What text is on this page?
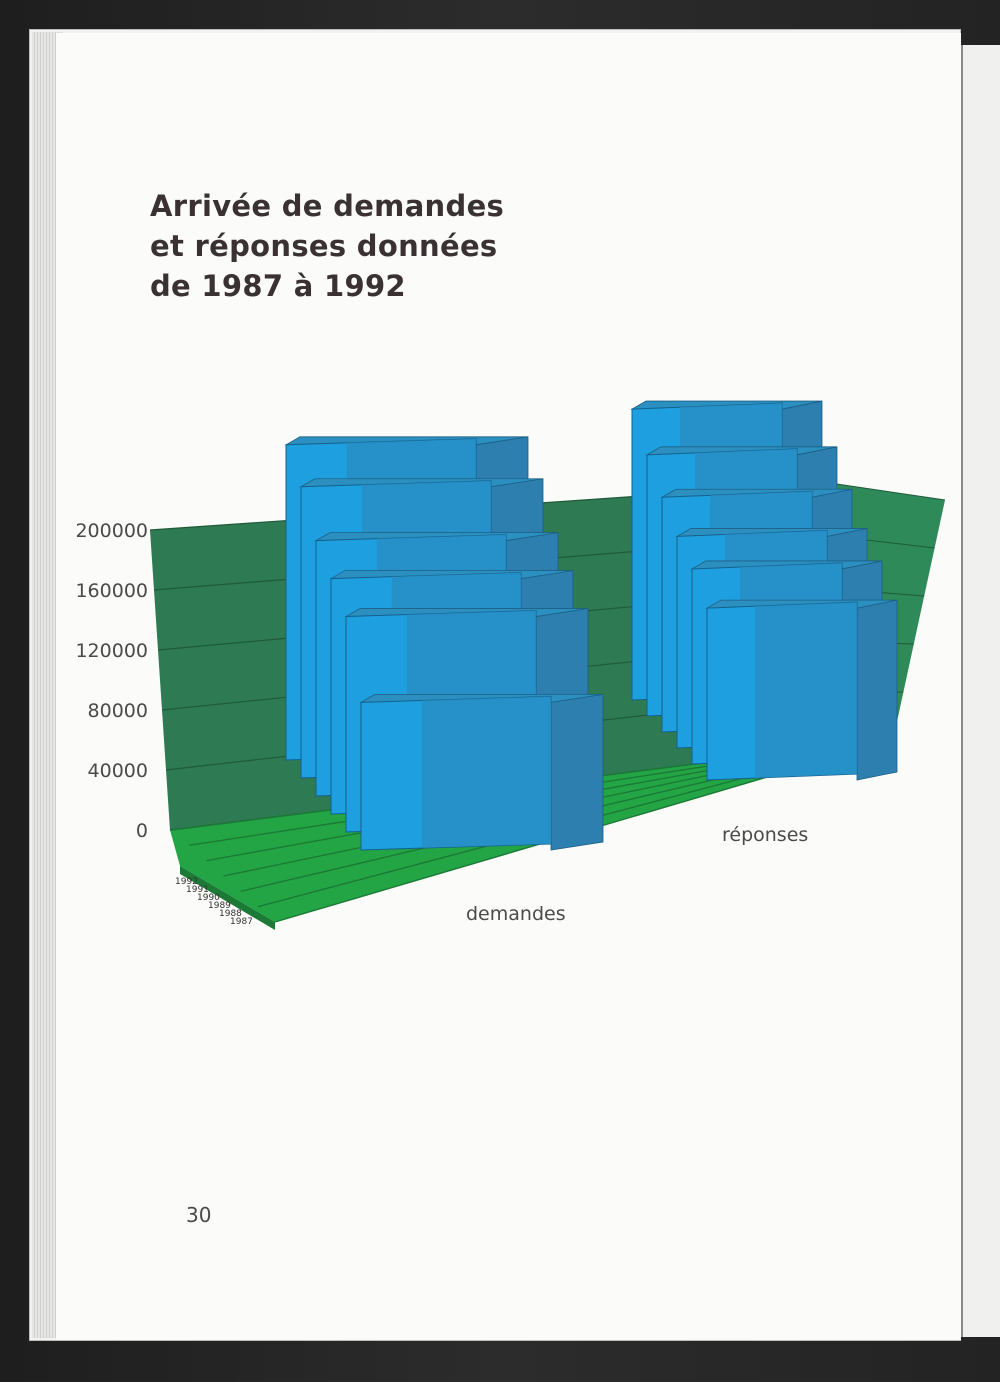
Arrivée de demandes
et réponses données
de 1987 à 1992
0
40000
80000
120000
160000
200000
1992
1991
1990
1989
1988
1987	demandes
réponses
30
